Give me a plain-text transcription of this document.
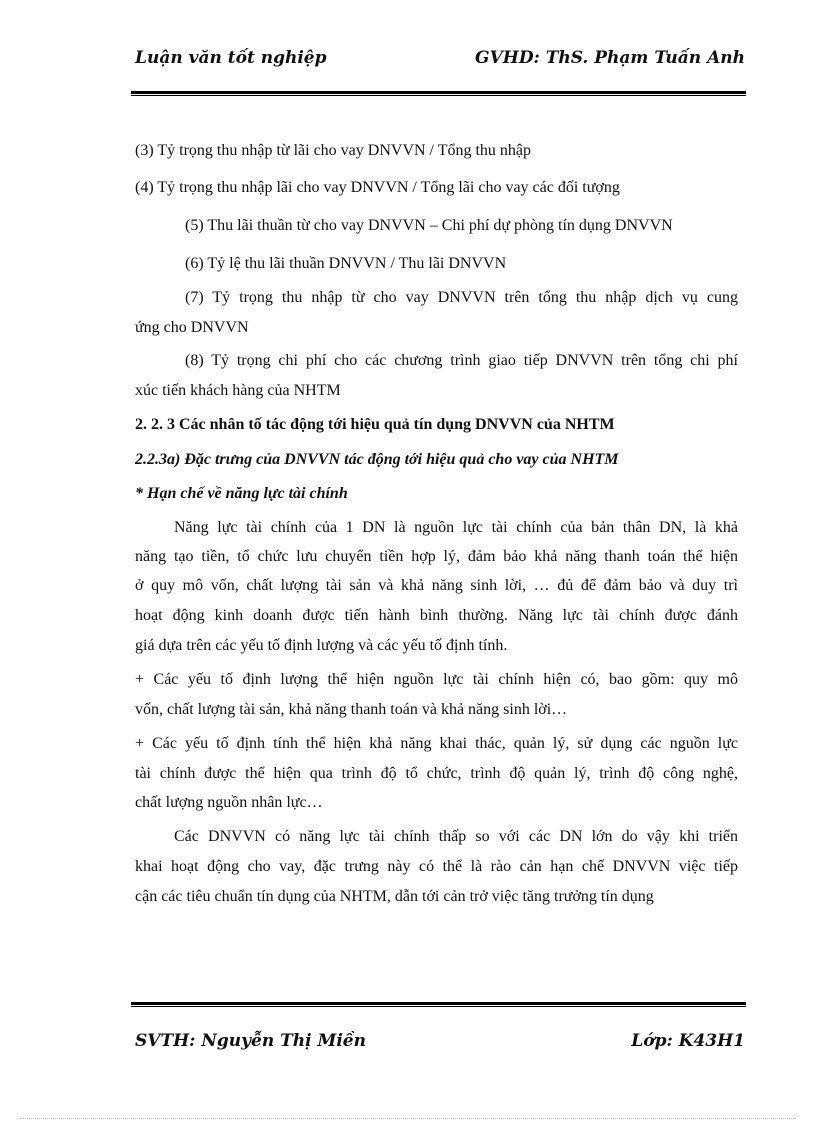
Luận văn tốt nghiệp	GVHD: ThS. Phạm Tuấn Anh
(3) Tỷ trọng thu nhập từ lãi cho vay DNVVN / Tổng thu nhập
(4) Tỷ trọng thu nhập lãi cho vay DNVVN / Tổng lãi cho vay các đối tượng
(5) Thu lãi thuần từ cho vay DNVVN – Chi phí dự phòng tín dụng DNVVN
(6) Tỷ lệ thu lãi thuần DNVVN / Thu lãi DNVVN
(7) Tỷ trọng thu nhập từ cho vay DNVVN trên tổng thu nhập dịch vụ cung
ứng cho DNVVN
(8) Tỷ trọng chi phí cho các chương trình giao tiếp DNVVN trên tổng chi phí
xúc tiến khách hàng của NHTM
2. 2. 3 Các nhân tố tác động tới hiệu quả tín dụng DNVVN của NHTM
2.2.3a) Đặc trưng của DNVVN tác động tới hiệu quả cho vay của NHTM
* Hạn chế về năng lực tài chính
Năng lực tài chính của 1 DN là nguồn lực tài chính của bản thân DN, là khả
năng tạo tiền, tổ chức lưu chuyển tiền hợp lý, đảm bảo khả năng thanh toán thể hiện
ở quy mô vốn, chất lượng tài sản và khả năng sinh lời, … đủ để đảm bảo và duy trì
hoạt động kinh doanh được tiến hành bình thường. Năng lực tài chính được đánh
giá dựa trên các yếu tố định lượng và các yếu tố định tính.
+ Các yếu tố định lượng thể hiện nguồn lực tài chính hiện có, bao gồm: quy mô
vốn, chất lượng tài sản, khả năng thanh toán và khả năng sinh lời…
+ Các yếu tố định tính thể hiện khả năng khai thác, quản lý, sử dụng các nguồn lực
tài chính được thể hiện qua trình độ tổ chức, trình độ quản lý, trình độ công nghệ,
chất lượng nguồn nhân lực…
Các DNVVN có năng lực tài chính thấp so với các DN lớn do vậy khi triển
khai hoạt động cho vay, đặc trưng này có thể là rào cản hạn chế DNVVN việc tiếp
cận các tiêu chuẩn tín dụng của NHTM, dẫn tới cản trở việc tăng trưởng tín dụng
SVTH: Nguyễn Thị Miền	Lớp: K43H1
